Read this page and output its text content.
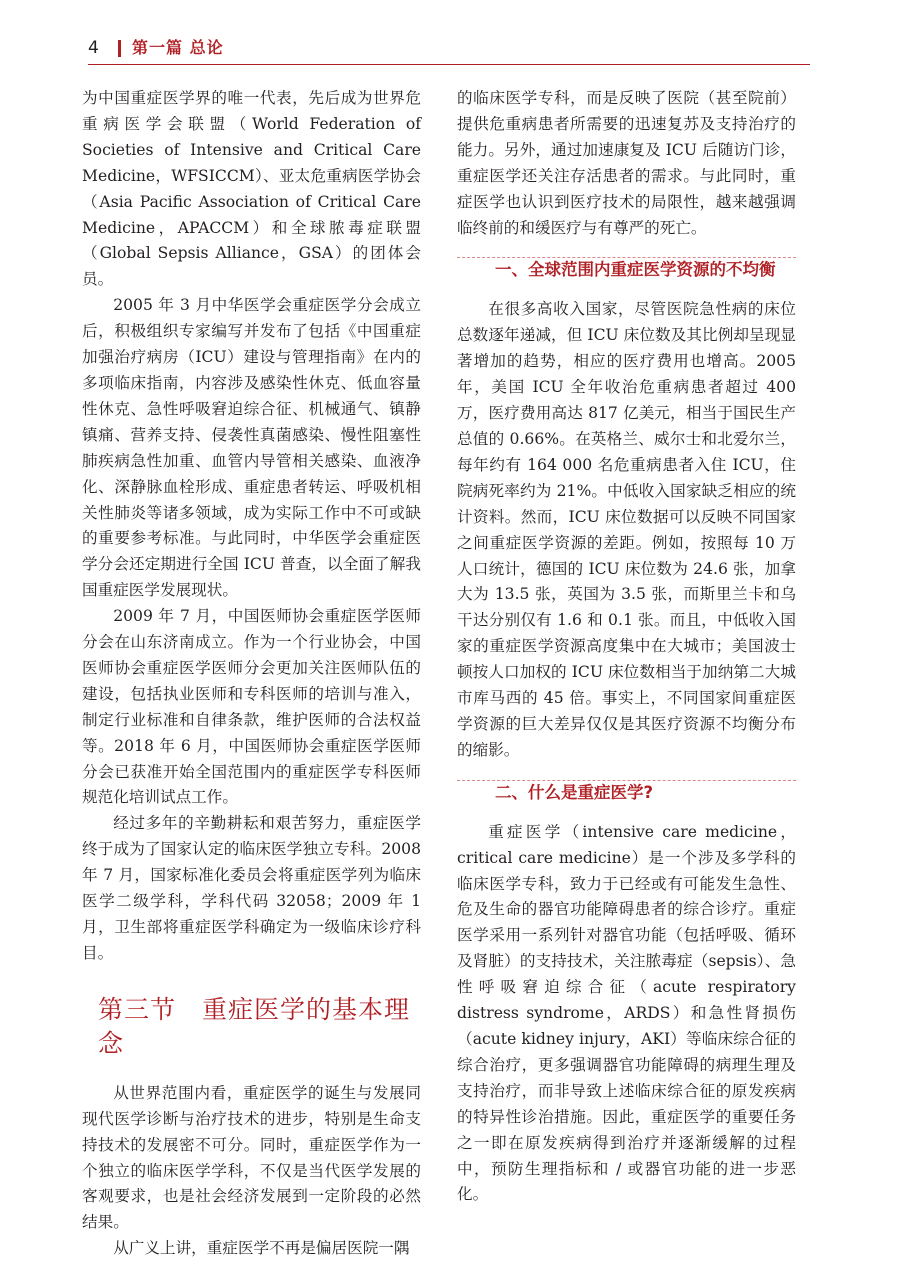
4 第一篇 总论

为中国重症医学界的唯一代表，先后成为世界危重病医学会联盟（World Federation of Societies of Intensive and Critical Care Medicine，WFSICCM）、亚太危重病医学协会（Asia Pacific Association of Critical Care Medicine，APACCM）和全球脓毒症联盟（Global Sepsis Alliance，GSA）的团体会员。

2005 年 3 月中华医学会重症医学分会成立后，积极组织专家编写并发布了包括《中国重症加强治疗病房（ICU）建设与管理指南》在内的多项临床指南，内容涉及感染性休克、低血容量性休克、急性呼吸窘迫综合征、机械通气、镇静镇痛、营养支持、侵袭性真菌感染、慢性阻塞性肺疾病急性加重、血管内导管相关感染、血液净化、深静脉血栓形成、重症患者转运、呼吸机相关性肺炎等诸多领域，成为实际工作中不可或缺的重要参考标准。与此同时，中华医学会重症医学分会还定期进行全国 ICU 普查，以全面了解我国重症医学发展现状。

2009 年 7 月，中国医师协会重症医学医师分会在山东济南成立。作为一个行业协会，中国医师协会重症医学医师分会更加关注医师队伍的建设，包括执业医师和专科医师的培训与准入，制定行业标准和自律条款，维护医师的合法权益等。2018 年 6 月，中国医师协会重症医学医师分会已获准开始全国范围内的重症医学专科医师规范化培训试点工作。

经过多年的辛勤耕耘和艰苦努力，重症医学终于成为了国家认定的临床医学独立专科。2008 年 7 月，国家标准化委员会将重症医学列为临床医学二级学科，学科代码 32058；2009 年 1 月，卫生部将重症医学科确定为一级临床诊疗科目。

第三节 重症医学的基本理念

从世界范围内看，重症医学的诞生与发展同现代医学诊断与治疗技术的进步，特别是生命支持技术的发展密不可分。同时，重症医学作为一个独立的临床医学学科，不仅是当代医学发展的客观要求，也是社会经济发展到一定阶段的必然结果。

从广义上讲，重症医学不再是偏居医院一隅

的临床医学专科，而是反映了医院（甚至院前）提供危重病患者所需要的迅速复苏及支持治疗的能力。另外，通过加速康复及 ICU 后随访门诊，重症医学还关注存活患者的需求。与此同时，重症医学也认识到医疗技术的局限性，越来越强调临终前的和缓医疗与有尊严的死亡。

一、全球范围内重症医学资源的不均衡

在很多高收入国家，尽管医院急性病的床位总数逐年递减，但 ICU 床位数及其比例却呈现显著增加的趋势，相应的医疗费用也增高。2005 年，美国 ICU 全年收治危重病患者超过 400 万，医疗费用高达 817 亿美元，相当于国民生产总值的 0.66%。在英格兰、威尔士和北爱尔兰，每年约有 164 000 名危重病患者入住 ICU，住院病死率约为 21%。中低收入国家缺乏相应的统计资料。然而，ICU 床位数据可以反映不同国家之间重症医学资源的差距。例如，按照每 10 万人口统计，德国的 ICU 床位数为 24.6 张，加拿大为 13.5 张，英国为 3.5 张，而斯里兰卡和乌干达分别仅有 1.6 和 0.1 张。而且，中低收入国家的重症医学资源高度集中在大城市；美国波士顿按人口加权的 ICU 床位数相当于加纳第二大城市库马西的 45 倍。事实上，不同国家间重症医学资源的巨大差异仅仅是其医疗资源不均衡分布的缩影。

二、什么是重症医学?

重症医学（intensive care medicine，critical care medicine）是一个涉及多学科的临床医学专科，致力于已经或有可能发生急性、危及生命的器官功能障碍患者的综合诊疗。重症医学采用一系列针对器官功能（包括呼吸、循环及肾脏）的支持技术，关注脓毒症（sepsis）、急性呼吸窘迫综合征（acute respiratory distress syndrome，ARDS）和急性肾损伤（acute kidney injury，AKI）等临床综合征的综合治疗，更多强调器官功能障碍的病理生理及支持治疗，而非导致上述临床综合征的原发疾病的特异性诊治措施。因此，重症医学的重要任务之一即在原发疾病得到治疗并逐渐缓解的过程中，预防生理指标和 / 或器官功能的进一步恶化。
